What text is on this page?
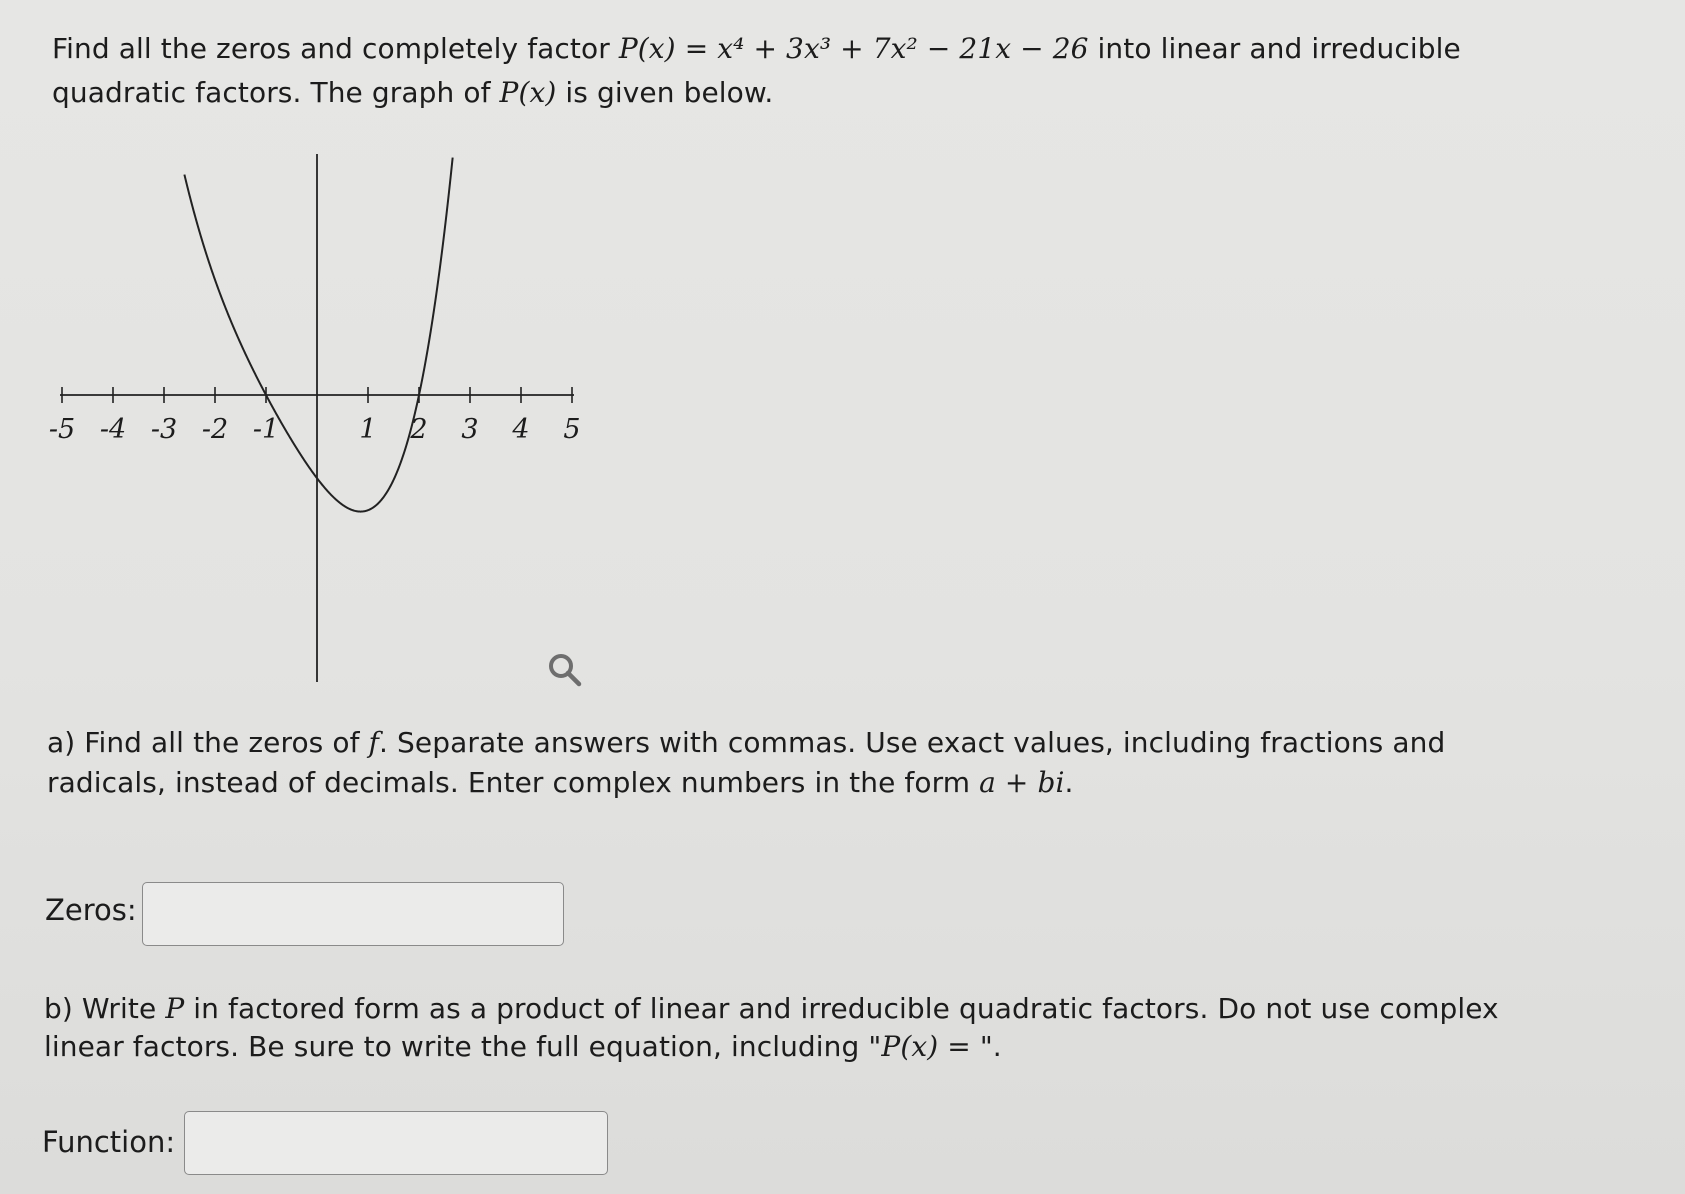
Find all the zeros and completely factor P(x) = x⁴ + 3x³ + 7x² − 21x − 26 into linear and irreducible
quadratic factors. The graph of P(x) is given below.
-5 -4 -3 -2 -1	1 2 3 4 5
a) Find all the zeros of f. Separate answers with commas. Use exact values, including fractions and
radicals, instead of decimals. Enter complex numbers in the form a + bi.
Zeros:
b) Write P in factored form as a product of linear and irreducible quadratic factors. Do not use complex
linear factors. Be sure to write the full equation, including "P(x) = ".
Function:
